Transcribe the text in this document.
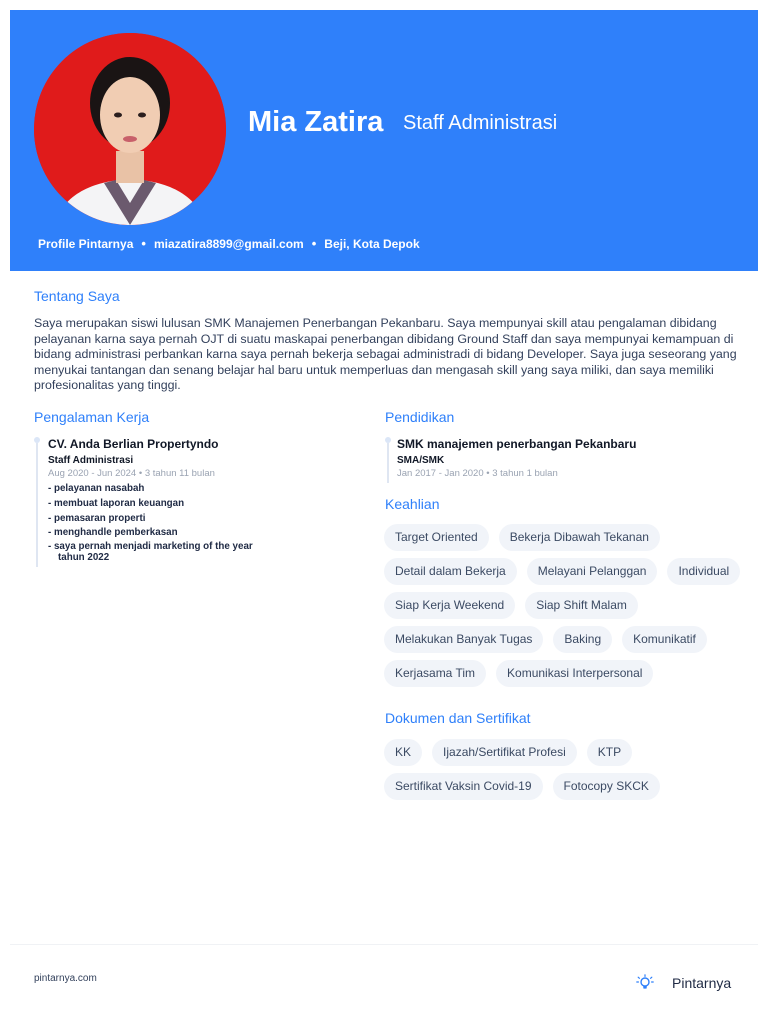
Mia Zatira Staff Administrasi
Profile Pintarnya • miazatira8899@gmail.com • Beji, Kota Depok
Tentang Saya
Saya merupakan siswi lulusan SMK Manajemen Penerbangan Pekanbaru. Saya mempunyai skill atau pengalaman dibidang pelayanan karna saya pernah OJT di suatu maskapai penerbangan dibidang Ground Staff dan saya mempunyai kemampuan di bidang administrasi perbankan karna saya pernah bekerja sebagai administradi di bidang Developer. Saya juga seseorang yang menyukai tantangan dan senang belajar hal baru untuk memperluas dan mengasah skill yang saya miliki, dan saya memiliki profesionalitas yang tinggi.
Pengalaman Kerja
CV. Anda Berlian Propertyndo
Staff Administrasi
Aug 2020 - Jun 2024 • 3 tahun 11 bulan
- pelayanan nasabah
- membuat laporan keuangan
- pemasaran properti
- menghandle pemberkasan
- saya pernah menjadi marketing of the year
tahun 2022
Pendidikan
SMK manajemen penerbangan Pekanbaru
SMA/SMK
Jan 2017 - Jan 2020 • 3 tahun 1 bulan
Keahlian
Target Oriented	Bekerja Dibawah Tekanan
Detail dalam Bekerja	Melayani Pelanggan	Individual
Siap Kerja Weekend	Siap Shift Malam
Melakukan Banyak Tugas	Baking	Komunikatif
Kerjasama Tim	Komunikasi Interpersonal
Dokumen dan Sertifikat
KK	Ijazah/Sertifikat Profesi	KTP
Sertifikat Vaksin Covid-19	Fotocopy SKCK
pintarnya.com	Pintarnya
